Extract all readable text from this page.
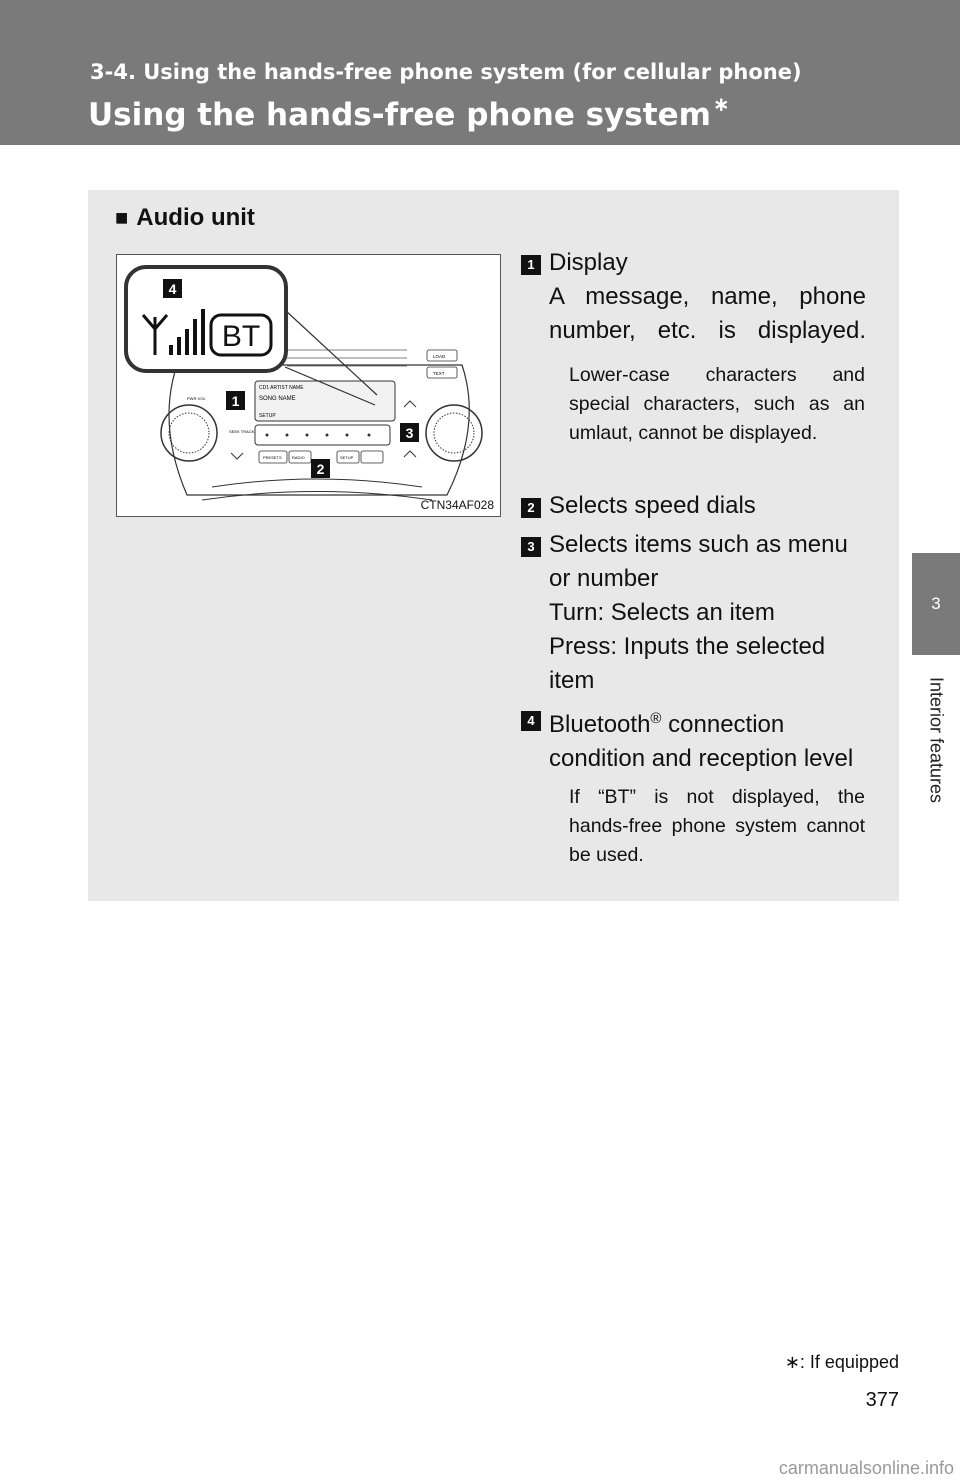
3-4. Using the hands-free phone system (for cellular phone)
Using the hands-free phone system ∗
3
Interior features
■ Audio unit
CD1 ARTIST NAME
SONG NAME
SETUP
PRESETS	RADIO	SETUP
LOAD
TEXT
PWR·VOL
SEEK TRACK
BT
4
1
2
3
CTN34AF028
1 Display
A message, name, phone number, etc. is displayed.
Lower-case characters and special characters, such as an umlaut, cannot be displayed.
2 Selects speed dials
3 Selects items such as menu or number
Turn: Selects an item
Press: Inputs the selected item
4 Bluetooth® connection condition and reception level
If “BT” is not displayed, the hands-free phone system cannot be used.
∗: If equipped
377
carmanualsonline.info
